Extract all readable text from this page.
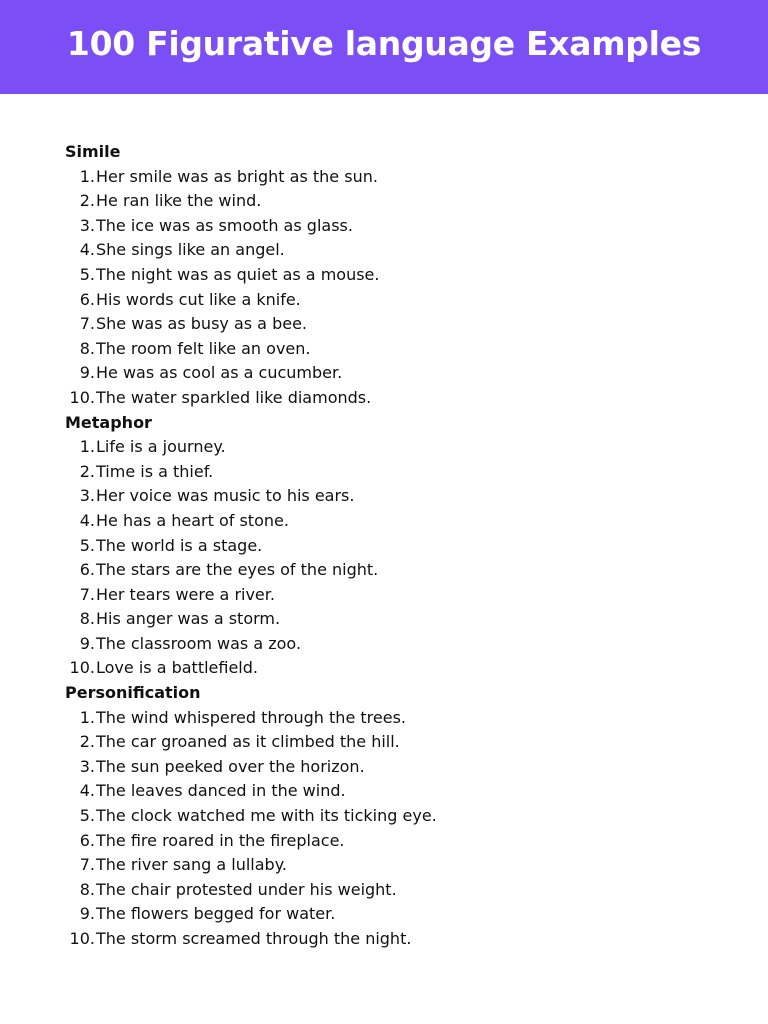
100 Figurative language Examples
Simile
1. Her smile was as bright as the sun.
2. He ran like the wind.
3. The ice was as smooth as glass.
4. She sings like an angel.
5. The night was as quiet as a mouse.
6. His words cut like a knife.
7. She was as busy as a bee.
8. The room felt like an oven.
9. He was as cool as a cucumber.
10. The water sparkled like diamonds.
Metaphor
1. Life is a journey.
2. Time is a thief.
3. Her voice was music to his ears.
4. He has a heart of stone.
5. The world is a stage.
6. The stars are the eyes of the night.
7. Her tears were a river.
8. His anger was a storm.
9. The classroom was a zoo.
10. Love is a battlefield.
Personification
1. The wind whispered through the trees.
2. The car groaned as it climbed the hill.
3. The sun peeked over the horizon.
4. The leaves danced in the wind.
5. The clock watched me with its ticking eye.
6. The fire roared in the fireplace.
7. The river sang a lullaby.
8. The chair protested under his weight.
9. The flowers begged for water.
10. The storm screamed through the night.
